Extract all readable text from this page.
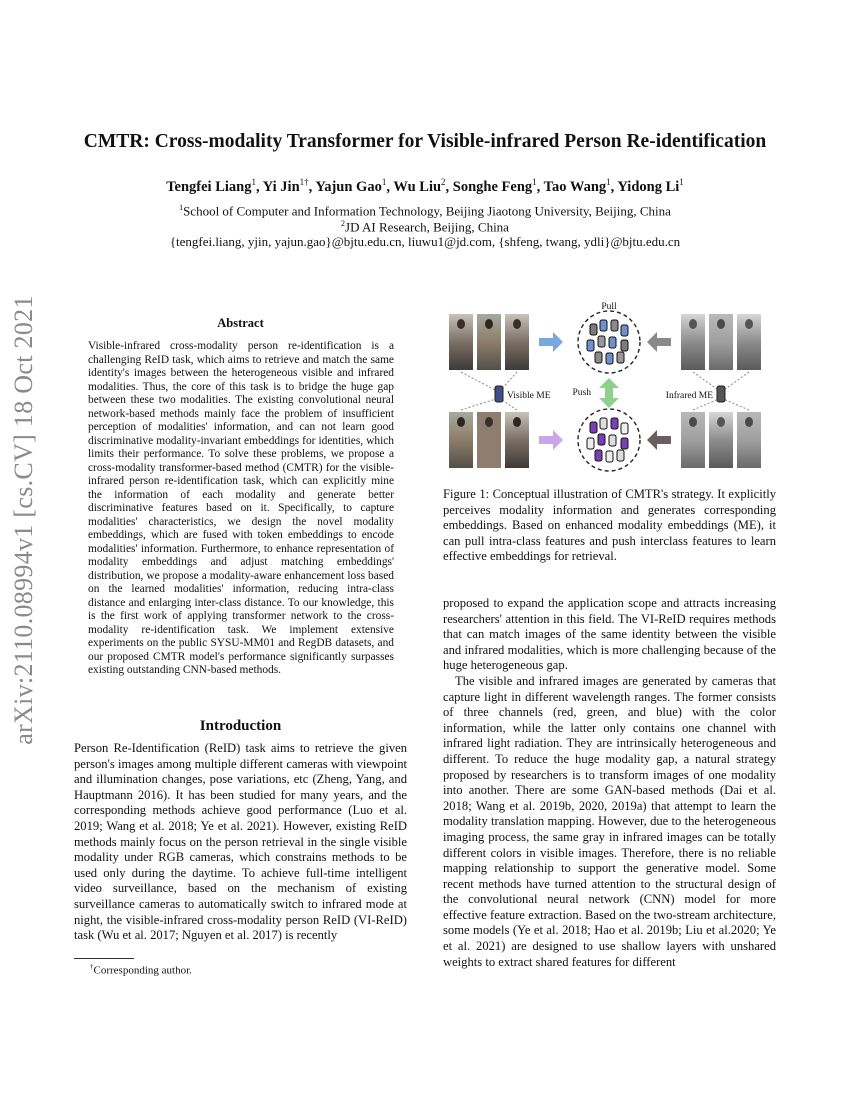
arXiv:2110.08994v1 [cs.CV] 18 Oct 2021
CMTR: Cross-modality Transformer for Visible-infrared Person Re-identification
Tengfei Liang$^1$, Yi Jin$^{1\dagger}$, Yajun Gao$^1$, Wu Liu$^2$, Songhe Feng$^1$, Tao Wang$^1$, Yidong Li$^1$
$^1$School of Computer and Information Technology, Beijing Jiaotong University, Beijing, China
$^2$JD AI Research, Beijing, China
{tengfei.liang, yjin, yajun.gao}@bjtu.edu.cn, liuwu1@jd.com, {shfeng, twang, ydli}@bjtu.edu.cn
Abstract
Visible-infrared cross-modality person re-identification is a challenging ReID task, which aims to retrieve and match the same identity's images between the heterogeneous visible and infrared modalities. Thus, the core of this task is to bridge the huge gap between these two modalities. The existing convolutional neural network-based methods mainly face the problem of insufficient perception of modalities' information, and can not learn good discriminative modality-invariant embeddings for identities, which limits their performance. To solve these problems, we propose a cross-modality transformer-based method (CMTR) for the visible-infrared person re-identification task, which can explicitly mine the information of each modality and generate better discriminative features based on it. Specifically, to capture modalities' characteristics, we design the novel modality embeddings, which are fused with token embeddings to encode modalities' information. Furthermore, to enhance representation of modality embeddings and adjust matching embeddings' distribution, we propose a modality-aware enhancement loss based on the learned modalities' information, reducing intra-class distance and enlarging inter-class distance. To our knowledge, this is the first work of applying transformer network to the cross-modality re-identification task. We implement extensive experiments on the public SYSU-MM01 and RegDB datasets, and our proposed CMTR model's performance significantly surpasses existing outstanding CNN-based methods.
Introduction

Person Re-Identification (ReID) task aims to retrieve the given person's images among multiple different cameras with viewpoint and illumination changes, pose variations, etc (Zheng, Yang, and Hauptmann 2016). It has been studied for many years, and the corresponding methods achieve good performance (Luo et al. 2019; Wang et al. 2018; Ye et al. 2021). However, existing ReID methods mainly focus on the person retrieval in the single visible modality under RGB cameras, which constrains methods to be used only during the daytime. To achieve full-time intelligent video surveillance, based on the mechanism of existing surveillance cameras to automatically switch to infrared mode at night, the visible-infrared cross-modality person ReID (VI-ReID) task (Wu et al. 2017; Nguyen et al. 2017) is recently

†Corresponding author.
Pull
Push
Visible ME	Infrared ME
Figure 1: Conceptual illustration of CMTR's strategy. It explicitly perceives modality information and generates corresponding embeddings. Based on enhanced modality embeddings (ME), it can pull intra-class features and push interclass features to learn effective embeddings for retrieval.

proposed to expand the application scope and attracts increasing researchers' attention in this field. The VI-ReID requires methods that can match images of the same identity between the visible and infrared modalities, which is more challenging because of the huge heterogeneous gap.

The visible and infrared images are generated by cameras that capture light in different wavelength ranges. The former consists of three channels (red, green, and blue) with the color information, while the latter only contains one channel with infrared light radiation. They are intrinsically heterogeneous and different. To reduce the huge modality gap, a natural strategy proposed by researchers is to transform images of one modality into another. There are some GAN-based methods (Dai et al. 2018; Wang et al. 2019b, 2020, 2019a) that attempt to learn the modality translation mapping. However, due to the heterogeneous imaging process, the same gray in infrared images can be totally different colors in visible images. Therefore, there is no reliable mapping relationship to support the generative model. Some recent methods have turned attention to the structural design of the convolutional neural network (CNN) model for more effective feature extraction. Based on the two-stream architecture, some models (Ye et al. 2018; Hao et al. 2019b; Liu et al.2020; Ye et al. 2021) are designed to use shallow layers with unshared weights to extract shared features for different
